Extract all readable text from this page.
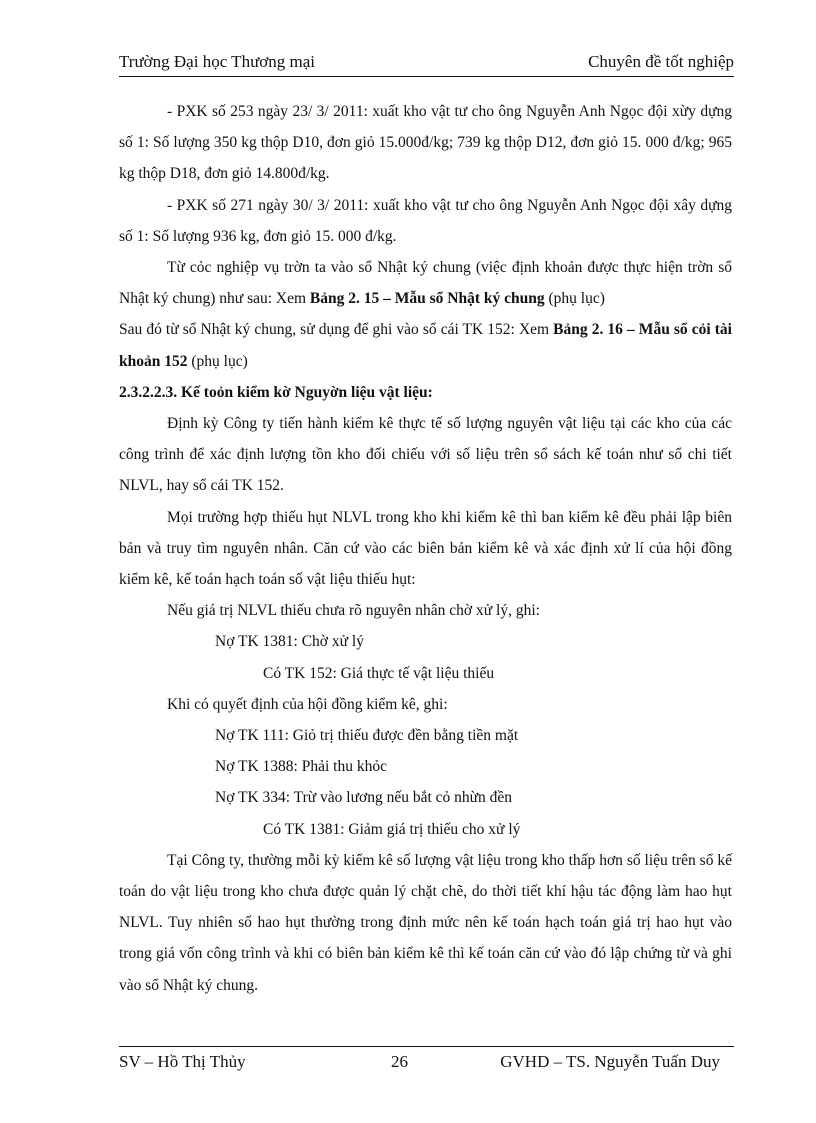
Trường Đại học Thương mại	Chuyên đề tốt nghiệp

- PXK số 253 ngày 23/ 3/ 2011: xuất kho vật tư cho ông Nguyễn Anh Ngọc đội xừy dựng số 1: Số lượng 350 kg thộp D10, đơn giỏ 15.000đ/kg; 739 kg thộp D12, đơn giỏ 15. 000 đ/kg; 965 kg thộp D18, đơn giỏ 14.800đ/kg.

- PXK số 271 ngày 30/ 3/ 2011: xuất kho vật tư cho ông Nguyễn Anh Ngọc đội xây dựng số 1: Số lượng 936 kg, đơn giỏ 15. 000 đ/kg.

Từ cỏc nghiệp vụ trờn ta vào sổ Nhật ký chung (việc định khoản được thực hiện trờn sổ Nhật ký chung) như sau: Xem Bảng 2. 15 – Mẫu sổ Nhật ký chung (phụ lục)

Sau đó từ sổ Nhật ký chung, sử dụng để ghi vào sổ cái TK 152: Xem Bảng 2. 16 – Mẫu sổ cỏi tài khoản 152 (phụ lục)

2.3.2.2.3. Kế toỏn kiểm kờ Nguyờn liệu vật liệu:

Định kỳ Công ty tiến hành kiểm kê thực tế số lượng nguyên vật liệu tại các kho của các công trình để xác định lượng tồn kho đối chiếu với số liệu trên sổ sách kế toán như sổ chi tiết NLVL, hay sổ cái TK 152.

Mọi trường hợp thiếu hụt NLVL trong kho khi kiểm kê thì ban kiểm kê đều phải lập biên bản và truy tìm nguyên nhân. Căn cứ vào các biên bản kiểm kê và xác định xử lí của hội đồng kiểm kê, kế toán hạch toán số vật liệu thiếu hụt:

Nếu giá trị NLVL thiếu chưa rõ nguyên nhân chờ xử lý, ghi:

Nợ TK 1381: Chờ xử lý

Có TK 152: Giá thực tế vật liệu thiếu

Khi có quyết định của hội đồng kiểm kê, ghi:

Nợ TK 111: Giỏ trị thiếu được đền bằng tiền mặt

Nợ TK 1388: Phải thu khỏc

Nợ TK 334: Trừ vào lương nếu bắt cỏ nhừn đền

Có TK 1381: Giảm giá trị thiếu cho xử lý

Tại Công ty, thường mỗi kỳ kiểm kê số lượng vật liệu trong kho thấp hơn số liệu trên sổ kế toán do vật liệu trong kho chưa được quản lý chặt chẽ, do thời tiết khí hậu tác động làm hao hụt NLVL. Tuy nhiên số hao hụt thường trong định mức nên kế toán hạch toán giá trị hao hụt vào trong giá vốn công trình và khi có biên bản kiểm kê thì kế toán căn cứ vào đó lập chứng từ và ghi vào sổ Nhật ký chung.

SV – Hồ Thị Thủy	26	GVHD – TS. Nguyễn Tuấn Duy
